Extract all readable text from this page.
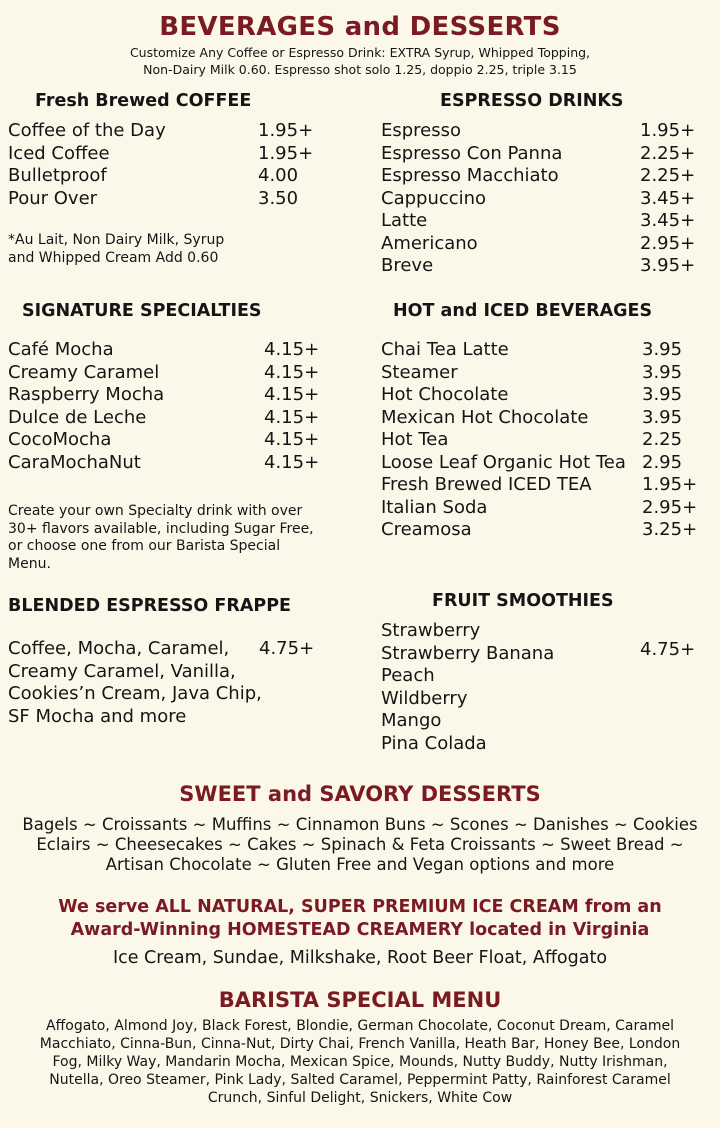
BEVERAGES and DESSERTS
Customize Any Coffee or Espresso Drink: EXTRA Syrup, Whipped Topping,
Non-Dairy Milk 0.60. Espresso shot solo 1.25, doppio 2.25, triple 3.15
Fresh Brewed COFFEE
Coffee of the Day	1.95+
Iced Coffee	1.95+
Bulletproof	4.00
Pour Over	3.50
*Au Lait, Non Dairy Milk, Syrup
and Whipped Cream Add 0.60
ESPRESSO DRINKS
Espresso	1.95+
Espresso Con Panna	2.25+
Espresso Macchiato	2.25+
Cappuccino	3.45+
Latte	3.45+
Americano	2.95+
Breve	3.95+
SIGNATURE SPECIALTIES
Café Mocha	4.15+
Creamy Caramel	4.15+
Raspberry Mocha	4.15+
Dulce de Leche	4.15+
CocoMocha	4.15+
CaraMochaNut	4.15+
Create your own Specialty drink with over
30+ flavors available, including Sugar Free,
or choose one from our Barista Special
Menu.
HOT and ICED BEVERAGES
Chai Tea Latte	3.95
Steamer	3.95
Hot Chocolate	3.95
Mexican Hot Chocolate	3.95
Hot Tea	2.25
Loose Leaf Organic Hot Tea 2.95
Fresh Brewed ICED TEA	1.95+
Italian Soda	2.95+
Creamosa	3.25+
BLENDED ESPRESSO FRAPPE
Coffee, Mocha, Caramel, 4.75+
Creamy Caramel, Vanilla,
Cookies’n Cream, Java Chip,
SF Mocha and more
FRUIT SMOOTHIES
Strawberry
Strawberry Banana	4.75+
Peach
Wildberry
Mango
Pina Colada
SWEET and SAVORY DESSERTS
Bagels ~ Croissants ~ Muffins ~ Cinnamon Buns ~ Scones ~ Danishes ~ Cookies
Eclairs ~ Cheesecakes ~ Cakes ~ Spinach & Feta Croissants ~ Sweet Bread ~
Artisan Chocolate ~ Gluten Free and Vegan options and more
We serve ALL NATURAL, SUPER PREMIUM ICE CREAM from an
Award-Winning HOMESTEAD CREAMERY located in Virginia
Ice Cream, Sundae, Milkshake, Root Beer Float, Affogato
BARISTA SPECIAL MENU
Affogato, Almond Joy, Black Forest, Blondie, German Chocolate, Coconut Dream, Caramel
Macchiato, Cinna-Bun, Cinna-Nut, Dirty Chai, French Vanilla, Heath Bar, Honey Bee, London
Fog, Milky Way, Mandarin Mocha, Mexican Spice, Mounds, Nutty Buddy, Nutty Irishman,
Nutella, Oreo Steamer, Pink Lady, Salted Caramel, Peppermint Patty, Rainforest Caramel
Crunch, Sinful Delight, Snickers, White Cow
